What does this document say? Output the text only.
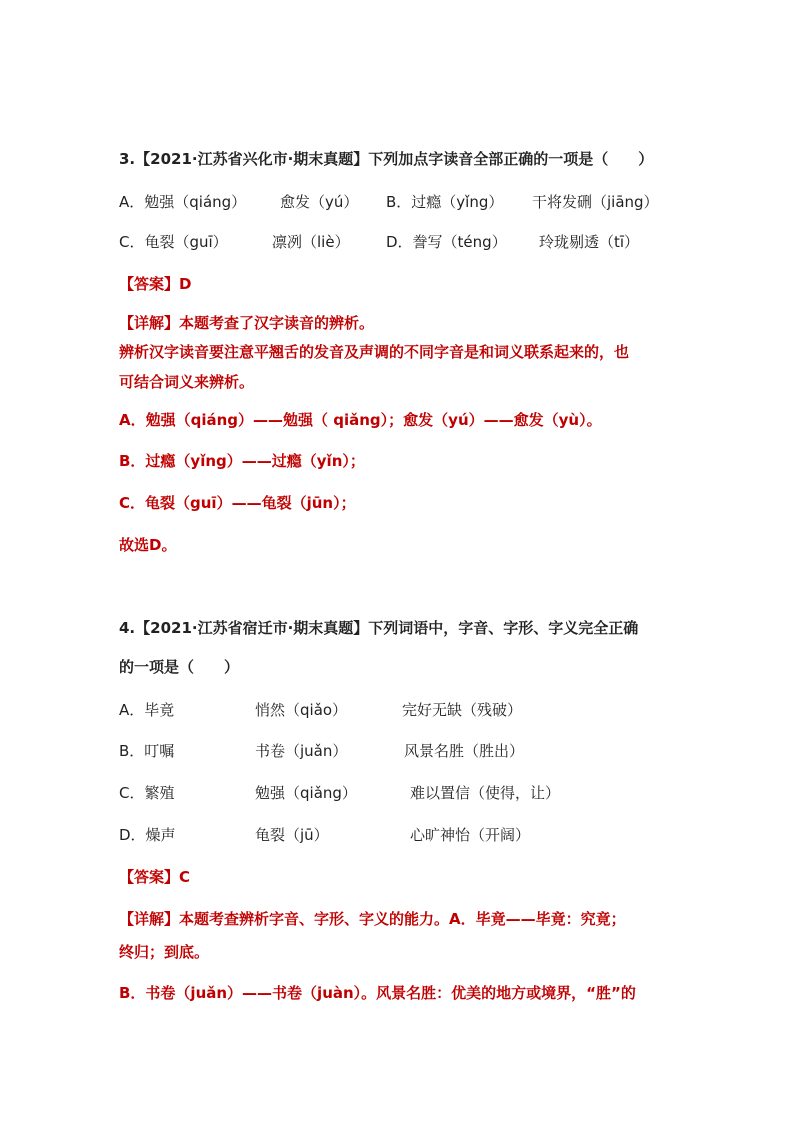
3.【2021·江苏省兴化市·期末真题】下列加点字读音全部正确的一项是（　　）
A．勉强（qiáng） 愈发（yú） B．过瘾（yǐng） 干将发硎（jiāng）
C．龟裂（guī）	凛冽（liè） D．誊写（téng） 玲珑剔透（tī）
【答案】D
【详解】本题考查了汉字读音的辨析。
辨析汉字读音要注意平翘舌的发音及声调的不同字音是和词义联系起来的，也
可结合词义来辨析。
A．勉强（qiáng）——勉强（ qiǎng）；愈发（yú）——愈发（yù）。
B．过瘾（yǐng）——过瘾（yǐn）；
C．龟裂（guī）——龟裂（jūn）；
故选D。
4.【2021·江苏省宿迁市·期末真题】下列词语中，字音、字形、字义完全正确
的一项是（　　）
A．毕竟	悄然（qiǎo）	完好无缺（残破）
B．叮嘱	书卷（juǎn）	风景名胜（胜出）
C．繁殖	勉强（qiǎng）	难以置信（使得，让）
D．燥声	龟裂（jū）	心旷神怡（开阔）
【答案】C
【详解】本题考查辨析字音、字形、字义的能力。A．毕竟——毕竟：究竟；
终归；到底。
B．书卷（juǎn）——书卷（juàn）。风景名胜：优美的地方或境界，“胜”的
